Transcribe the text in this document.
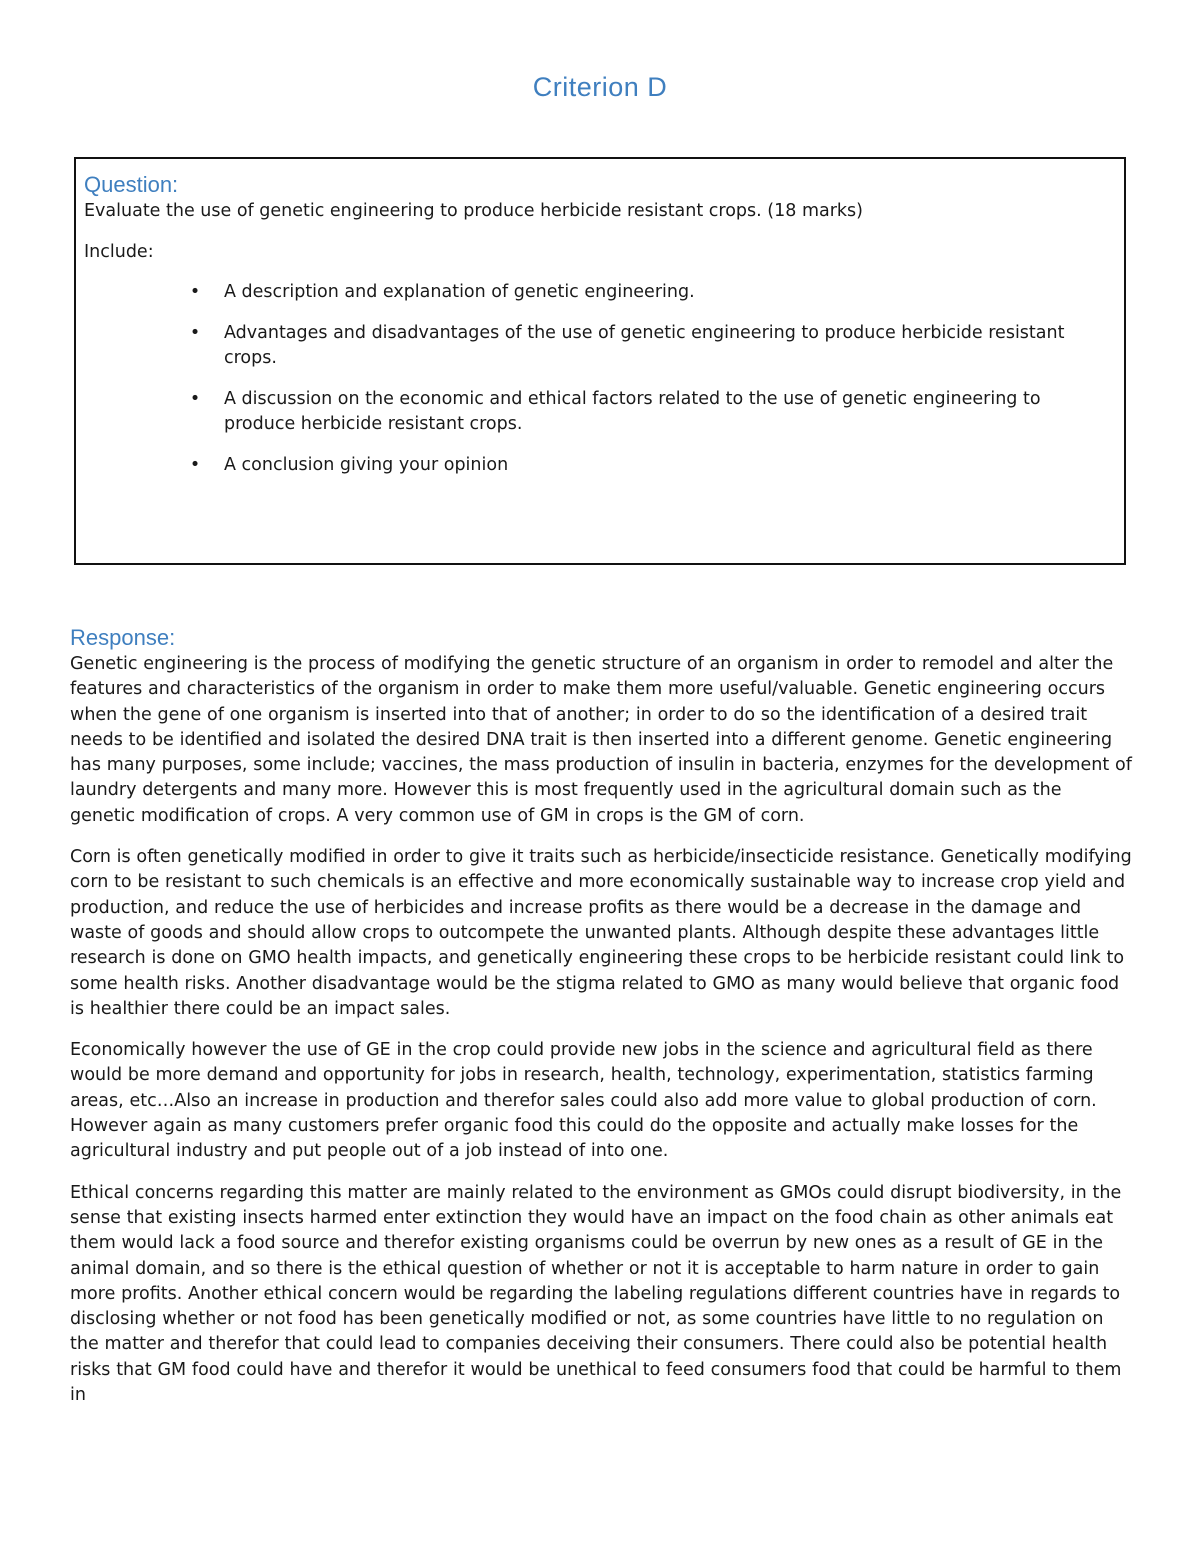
Criterion D

Question:

Evaluate the use of genetic engineering to produce herbicide resistant crops. (18 marks)

Include:

• A description and explanation of genetic engineering.
• Advantages and disadvantages of the use of genetic engineering to produce herbicide resistant crops.
• A discussion on the economic and ethical factors related to the use of genetic engineering to produce herbicide resistant crops.
• A conclusion giving your opinion

Response:

Genetic engineering is the process of modifying the genetic structure of an organism in order to remodel and alter the features and characteristics of the organism in order to make them more useful/valuable. Genetic engineering occurs when the gene of one organism is inserted into that of another; in order to do so the identification of a desired trait needs to be identified and isolated the desired DNA trait is then inserted into a different genome. Genetic engineering has many purposes, some include; vaccines, the mass production of insulin in bacteria, enzymes for the development of laundry detergents and many more. However this is most frequently used in the agricultural domain such as the genetic modification of crops. A very common use of GM in crops is the GM of corn.

Corn is often genetically modified in order to give it traits such as herbicide/insecticide resistance. Genetically modifying corn to be resistant to such chemicals is an effective and more economically sustainable way to increase crop yield and production, and reduce the use of herbicides and increase profits as there would be a decrease in the damage and waste of goods and should allow crops to outcompete the unwanted plants. Although despite these advantages little research is done on GMO health impacts, and genetically engineering these crops to be herbicide resistant could link to some health risks. Another disadvantage would be the stigma related to GMO as many would believe that organic food is healthier there could be an impact sales.

Economically however the use of GE in the crop could provide new jobs in the science and agricultural field as there would be more demand and opportunity for jobs in research, health, technology, experimentation, statistics farming areas, etc…Also an increase in production and therefor sales could also add more value to global production of corn. However again as many customers prefer organic food this could do the opposite and actually make losses for the agricultural industry and put people out of a job instead of into one.

Ethical concerns regarding this matter are mainly related to the environment as GMOs could disrupt biodiversity, in the sense that existing insects harmed enter extinction they would have an impact on the food chain as other animals eat them would lack a food source and therefor existing organisms could be overrun by new ones as a result of GE in the animal domain, and so there is the ethical question of whether or not it is acceptable to harm nature in order to gain more profits. Another ethical concern would be regarding the labeling regulations different countries have in regards to disclosing whether or not food has been genetically modified or not, as some countries have little to no regulation on the matter and therefor that could lead to companies deceiving their consumers. There could also be potential health risks that GM food could have and therefor it would be unethical to feed consumers food that could be harmful to them in
